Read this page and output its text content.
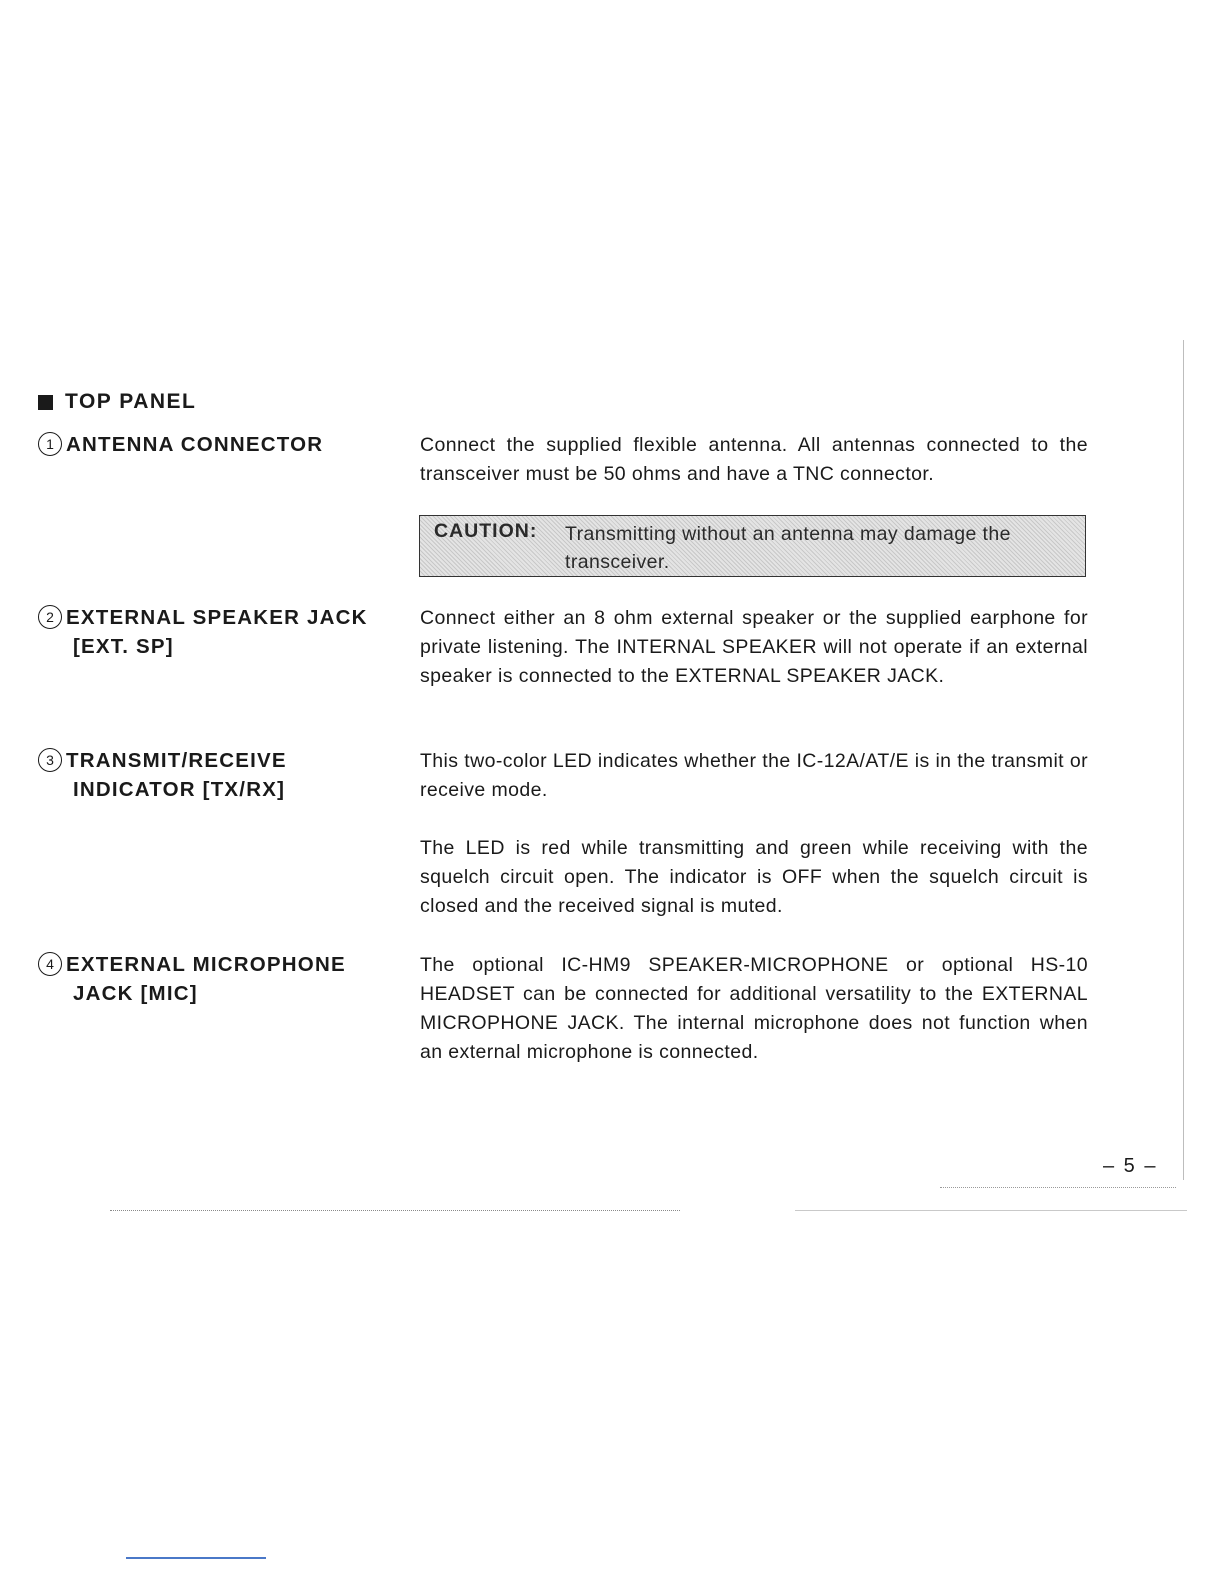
TOP PANEL
1 ANTENNA CONNECTOR	Connect the supplied flexible antenna. All antennas connected to the transceiver must be 50 ohms and have a TNC connector.

CAUTION: Transmitting without an antenna may damage the transceiver.
2 EXTERNAL SPEAKER JACK
[EXT. SP]

Connect either an 8 ohm external speaker or the supplied earphone for private listening. The INTERNAL SPEAKER will not operate if an external speaker is connected to the EXTERNAL SPEAKER JACK.

3 TRANSMIT/RECEIVE
INDICATOR [TX/RX]

This two-color LED indicates whether the IC-12A/AT/E is in the transmit or receive mode.

The LED is red while transmitting and green while receiving with the squelch circuit open. The indicator is OFF when the squelch circuit is closed and the received signal is muted.

4 EXTERNAL MICROPHONE
JACK [MIC]

The optional IC-HM9 SPEAKER-MICROPHONE or optional HS-10 HEADSET can be connected for additional versatility to the EXTERNAL MICROPHONE JACK. The internal microphone does not function when an external microphone is connected.

– 5 –
